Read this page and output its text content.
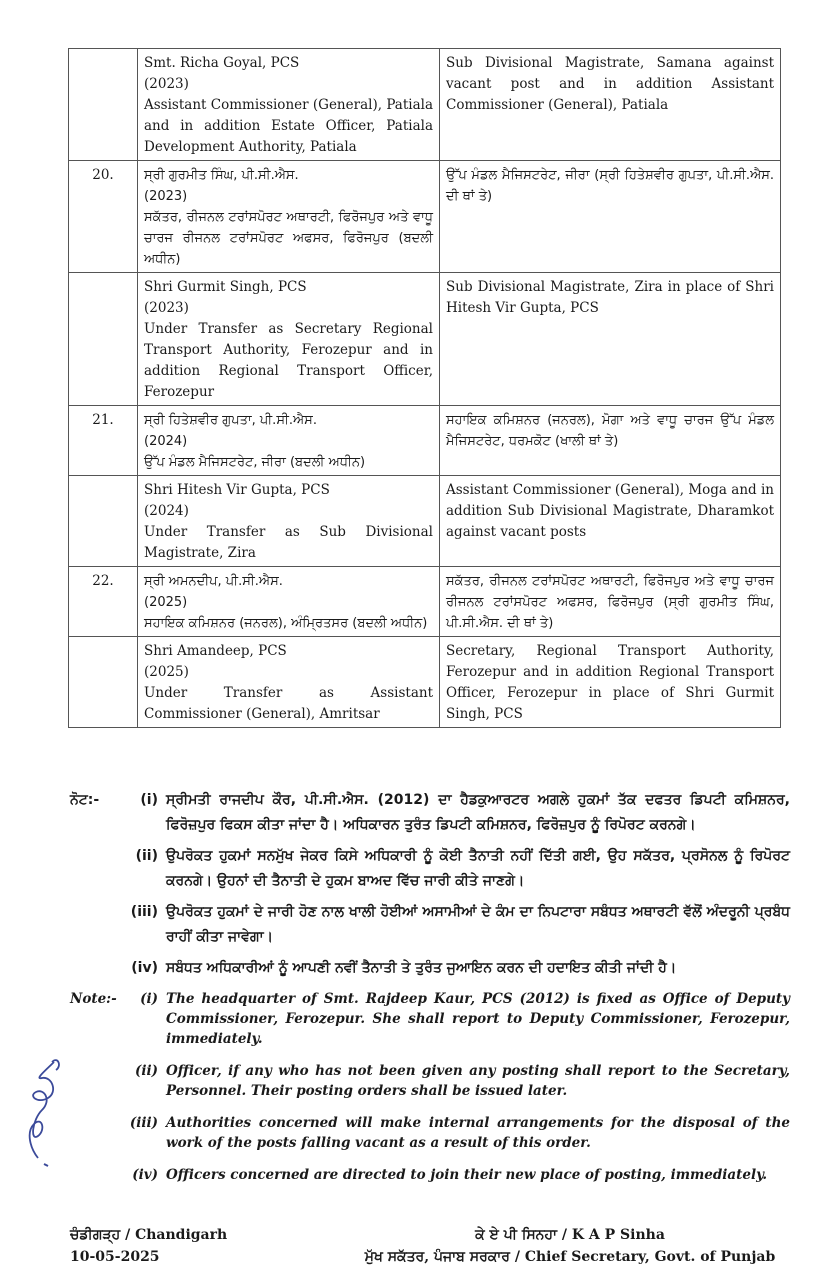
	Smt. Richa Goyal, PCS
(2023)
Assistant Commissioner (General), Patiala and in addition Estate Officer, Patiala Development Authority, Patiala	Sub Divisional Magistrate, Samana against vacant post and in addition Assistant Commissioner (General), Patiala
20.	ਸ੍ਰੀ ਗੁਰਮੀਤ ਸਿੰਘ, ਪੀ.ਸੀ.ਐਸ.
(2023)
ਸਕੱਤਰ, ਰੀਜਨਲ ਟਰਾਂਸਪੋਰਟ ਅਥਾਰਟੀ, ਫਿਰੋਜਪੁਰ ਅਤੇ ਵਾਧੂ ਚਾਰਜ ਰੀਜਨਲ ਟਰਾਂਸਪੋਰਟ ਅਫਸਰ, ਫਿਰੋਜਪੁਰ (ਬਦਲੀ ਅਧੀਨ)	ਉੱਪ ਮੰਡਲ ਮੈਜਿਸਟਰੇਟ, ਜੀਰਾ (ਸ੍ਰੀ ਹਿਤੇਸ਼ਵੀਰ ਗੁਪਤਾ, ਪੀ.ਸੀ.ਐਸ. ਦੀ ਥਾਂ ਤੇ)

	Shri Gurmit Singh, PCS
(2023)
Under Transfer as Secretary Regional Transport Authority, Ferozepur and in addition Regional Transport Officer, Ferozepur	Sub Divisional Magistrate, Zira in place of Shri Hitesh Vir Gupta, PCS
21.	ਸ੍ਰੀ ਹਿਤੇਸ਼ਵੀਰ ਗੁਪਤਾ, ਪੀ.ਸੀ.ਐਸ.
(2024)
ਉੱਪ ਮੰਡਲ ਮੈਜਿਸਟਰੇਟ, ਜੀਰਾ (ਬਦਲੀ ਅਧੀਨ)	ਸਹਾਇਕ ਕਮਿਸ਼ਨਰ (ਜਨਰਲ), ਮੋਗਾ ਅਤੇ ਵਾਧੂ ਚਾਰਜ ਉੱਪ ਮੰਡਲ ਮੈਜਿਸਟਰੇਟ, ਧਰਮਕੋਟ (ਖਾਲੀ ਥਾਂ ਤੇ)

	Shri Hitesh Vir Gupta, PCS
(2024)
Under Transfer as Sub Divisional Magistrate, Zira	Assistant Commissioner (General), Moga and in addition Sub Divisional Magistrate, Dharamkot against vacant posts
22.	ਸ੍ਰੀ ਅਮਨਦੀਪ, ਪੀ.ਸੀ.ਐਸ.
(2025)
ਸਹਾਇਕ ਕਮਿਸ਼ਨਰ (ਜਨਰਲ), ਅੰਮ੍ਰਿਤਸਰ (ਬਦਲੀ ਅਧੀਨ)	ਸਕੱਤਰ, ਰੀਜਨਲ ਟਰਾਂਸਪੋਰਟ ਅਥਾਰਟੀ, ਫਿਰੋਜਪੁਰ ਅਤੇ ਵਾਧੂ ਚਾਰਜ ਰੀਜਨਲ ਟਰਾਂਸਪੋਰਟ ਅਫਸਰ, ਫਿਰੋਜਪੁਰ (ਸ੍ਰੀ ਗੁਰਮੀਤ ਸਿੰਘ, ਪੀ.ਸੀ.ਐਸ. ਦੀ ਥਾਂ ਤੇ)

	Shri Amandeep, PCS
(2025)
Under Transfer as Assistant Commissioner (General), Amritsar	Secretary, Regional Transport Authority, Ferozepur and in addition Regional Transport Officer, Ferozepur in place of Shri Gurmit Singh, PCS
ਨੋਟ:-	(i) ਸ੍ਰੀਮਤੀ ਰਾਜਦੀਪ ਕੌਰ, ਪੀ.ਸੀ.ਐਸ. (2012) ਦਾ ਹੈਡਕੁਆਰਟਰ ਅਗਲੇ ਹੁਕਮਾਂ ਤੱਕ ਦਫਤਰ ਡਿਪਟੀ ਕਮਿਸ਼ਨਰ, ਫਿਰੋਜ਼ਪੁਰ ਫਿਕਸ ਕੀਤਾ ਜਾਂਦਾ ਹੈ। ਅਧਿਕਾਰਨ ਤੁਰੰਤ ਡਿਪਟੀ ਕਮਿਸ਼ਨਰ, ਫਿਰੋਜ਼ਪੁਰ ਨੂੰ ਰਿਪੋਰਟ ਕਰਨਗੇ।
(ii) ਉਪਰੋਕਤ ਹੁਕਮਾਂ ਸਨਮੁੱਖ ਜੇਕਰ ਕਿਸੇ ਅਧਿਕਾਰੀ ਨੂੰ ਕੋਈ ਤੈਨਾਤੀ ਨਹੀਂ ਦਿੱਤੀ ਗਈ, ਉਹ ਸਕੱਤਰ, ਪ੍ਰਸੋਨਲ ਨੂੰ ਰਿਪੋਰਟ ਕਰਨਗੇ। ਉਹਨਾਂ ਦੀ ਤੈਨਾਤੀ ਦੇ ਹੁਕਮ ਬਾਅਦ ਵਿੱਚ ਜਾਰੀ ਕੀਤੇ ਜਾਣਗੇ।
(iii) ਉਪਰੋਕਤ ਹੁਕਮਾਂ ਦੇ ਜਾਰੀ ਹੋਣ ਨਾਲ ਖਾਲੀ ਹੋਈਆਂ ਅਸਾਮੀਆਂ ਦੇ ਕੰਮ ਦਾ ਨਿਪਟਾਰਾ ਸਬੰਧਤ ਅਥਾਰਟੀ ਵੱਲੋਂ ਅੰਦਰੂਨੀ ਪ੍ਰਬੰਧ ਰਾਹੀਂ ਕੀਤਾ ਜਾਵੇਗਾ।
(iv) ਸਬੰਧਤ ਅਧਿਕਾਰੀਆਂ ਨੂੰ ਆਪਣੀ ਨਵੀਂ ਤੈਨਾਤੀ ਤੇ ਤੁਰੰਤ ਜੁਆਇਨ ਕਰਨ ਦੀ ਹਦਾਇਤ ਕੀਤੀ ਜਾਂਦੀ ਹੈ।
Note:-	(i) The headquarter of Smt. Rajdeep Kaur, PCS (2012) is fixed as Office of Deputy Commissioner, Ferozepur. She shall report to Deputy Commissioner, Ferozepur, immediately.
(ii) Officer, if any who has not been given any posting shall report to the Secretary, Personnel. Their posting orders shall be issued later.
(iii) Authorities concerned will make internal arrangements for the disposal of the work of the posts falling vacant as a result of this order.
(iv) Officers concerned are directed to join their new place of posting, immediately.
ਚੰਡੀਗੜ੍ਹ / Chandigarh
10-05-2025
ਕੇ ਏ ਪੀ ਸਿਨਹਾ / K A P Sinha
ਮੁੱਖ ਸਕੱਤਰ, ਪੰਜਾਬ ਸਰਕਾਰ / Chief Secretary, Govt. of Punjab
